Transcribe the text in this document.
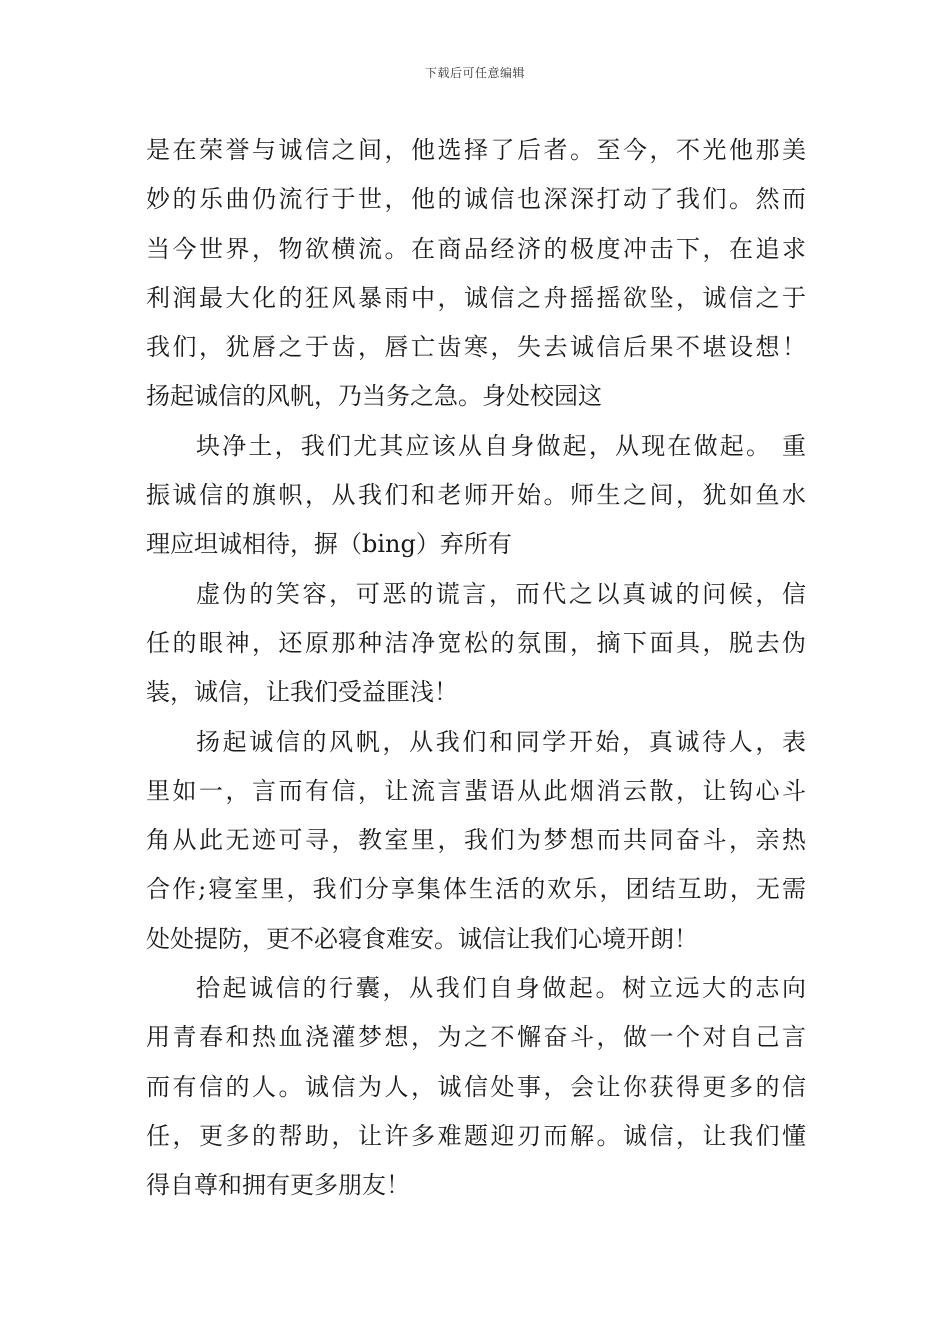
下载后可任意编辑
是在荣誉与诚信之间，他选择了后者。至今，不光他那美
妙的乐曲仍流行于世，他的诚信也深深打动了我们。然而
当今世界，物欲横流。在商品经济的极度冲击下，在追求
利润最大化的狂风暴雨中，诚信之舟摇摇欲坠，诚信之于
我们，犹唇之于齿，唇亡齿寒，失去诚信后果不堪设想！
扬起诚信的风帆，乃当务之急。身处校园这
块净土，我们尤其应该从自身做起，从现在做起。 重
振诚信的旗帜，从我们和老师开始。师生之间，犹如鱼水
理应坦诚相待，摒（bing）弃所有
虚伪的笑容，可恶的谎言，而代之以真诚的问候，信
任的眼神，还原那种洁净宽松的氛围，摘下面具，脱去伪
装，诚信，让我们受益匪浅！
扬起诚信的风帆，从我们和同学开始，真诚待人，表
里如一，言而有信，让流言蜚语从此烟消云散，让钩心斗
角从此无迹可寻，教室里，我们为梦想而共同奋斗，亲热
合作;寝室里，我们分享集体生活的欢乐，团结互助，无需
处处提防，更不必寝食难安。诚信让我们心境开朗！
拾起诚信的行囊，从我们自身做起。树立远大的志向
用青春和热血浇灌梦想，为之不懈奋斗，做一个对自己言
而有信的人。诚信为人，诚信处事，会让你获得更多的信
任，更多的帮助，让许多难题迎刃而解。诚信，让我们懂
得自尊和拥有更多朋友！
